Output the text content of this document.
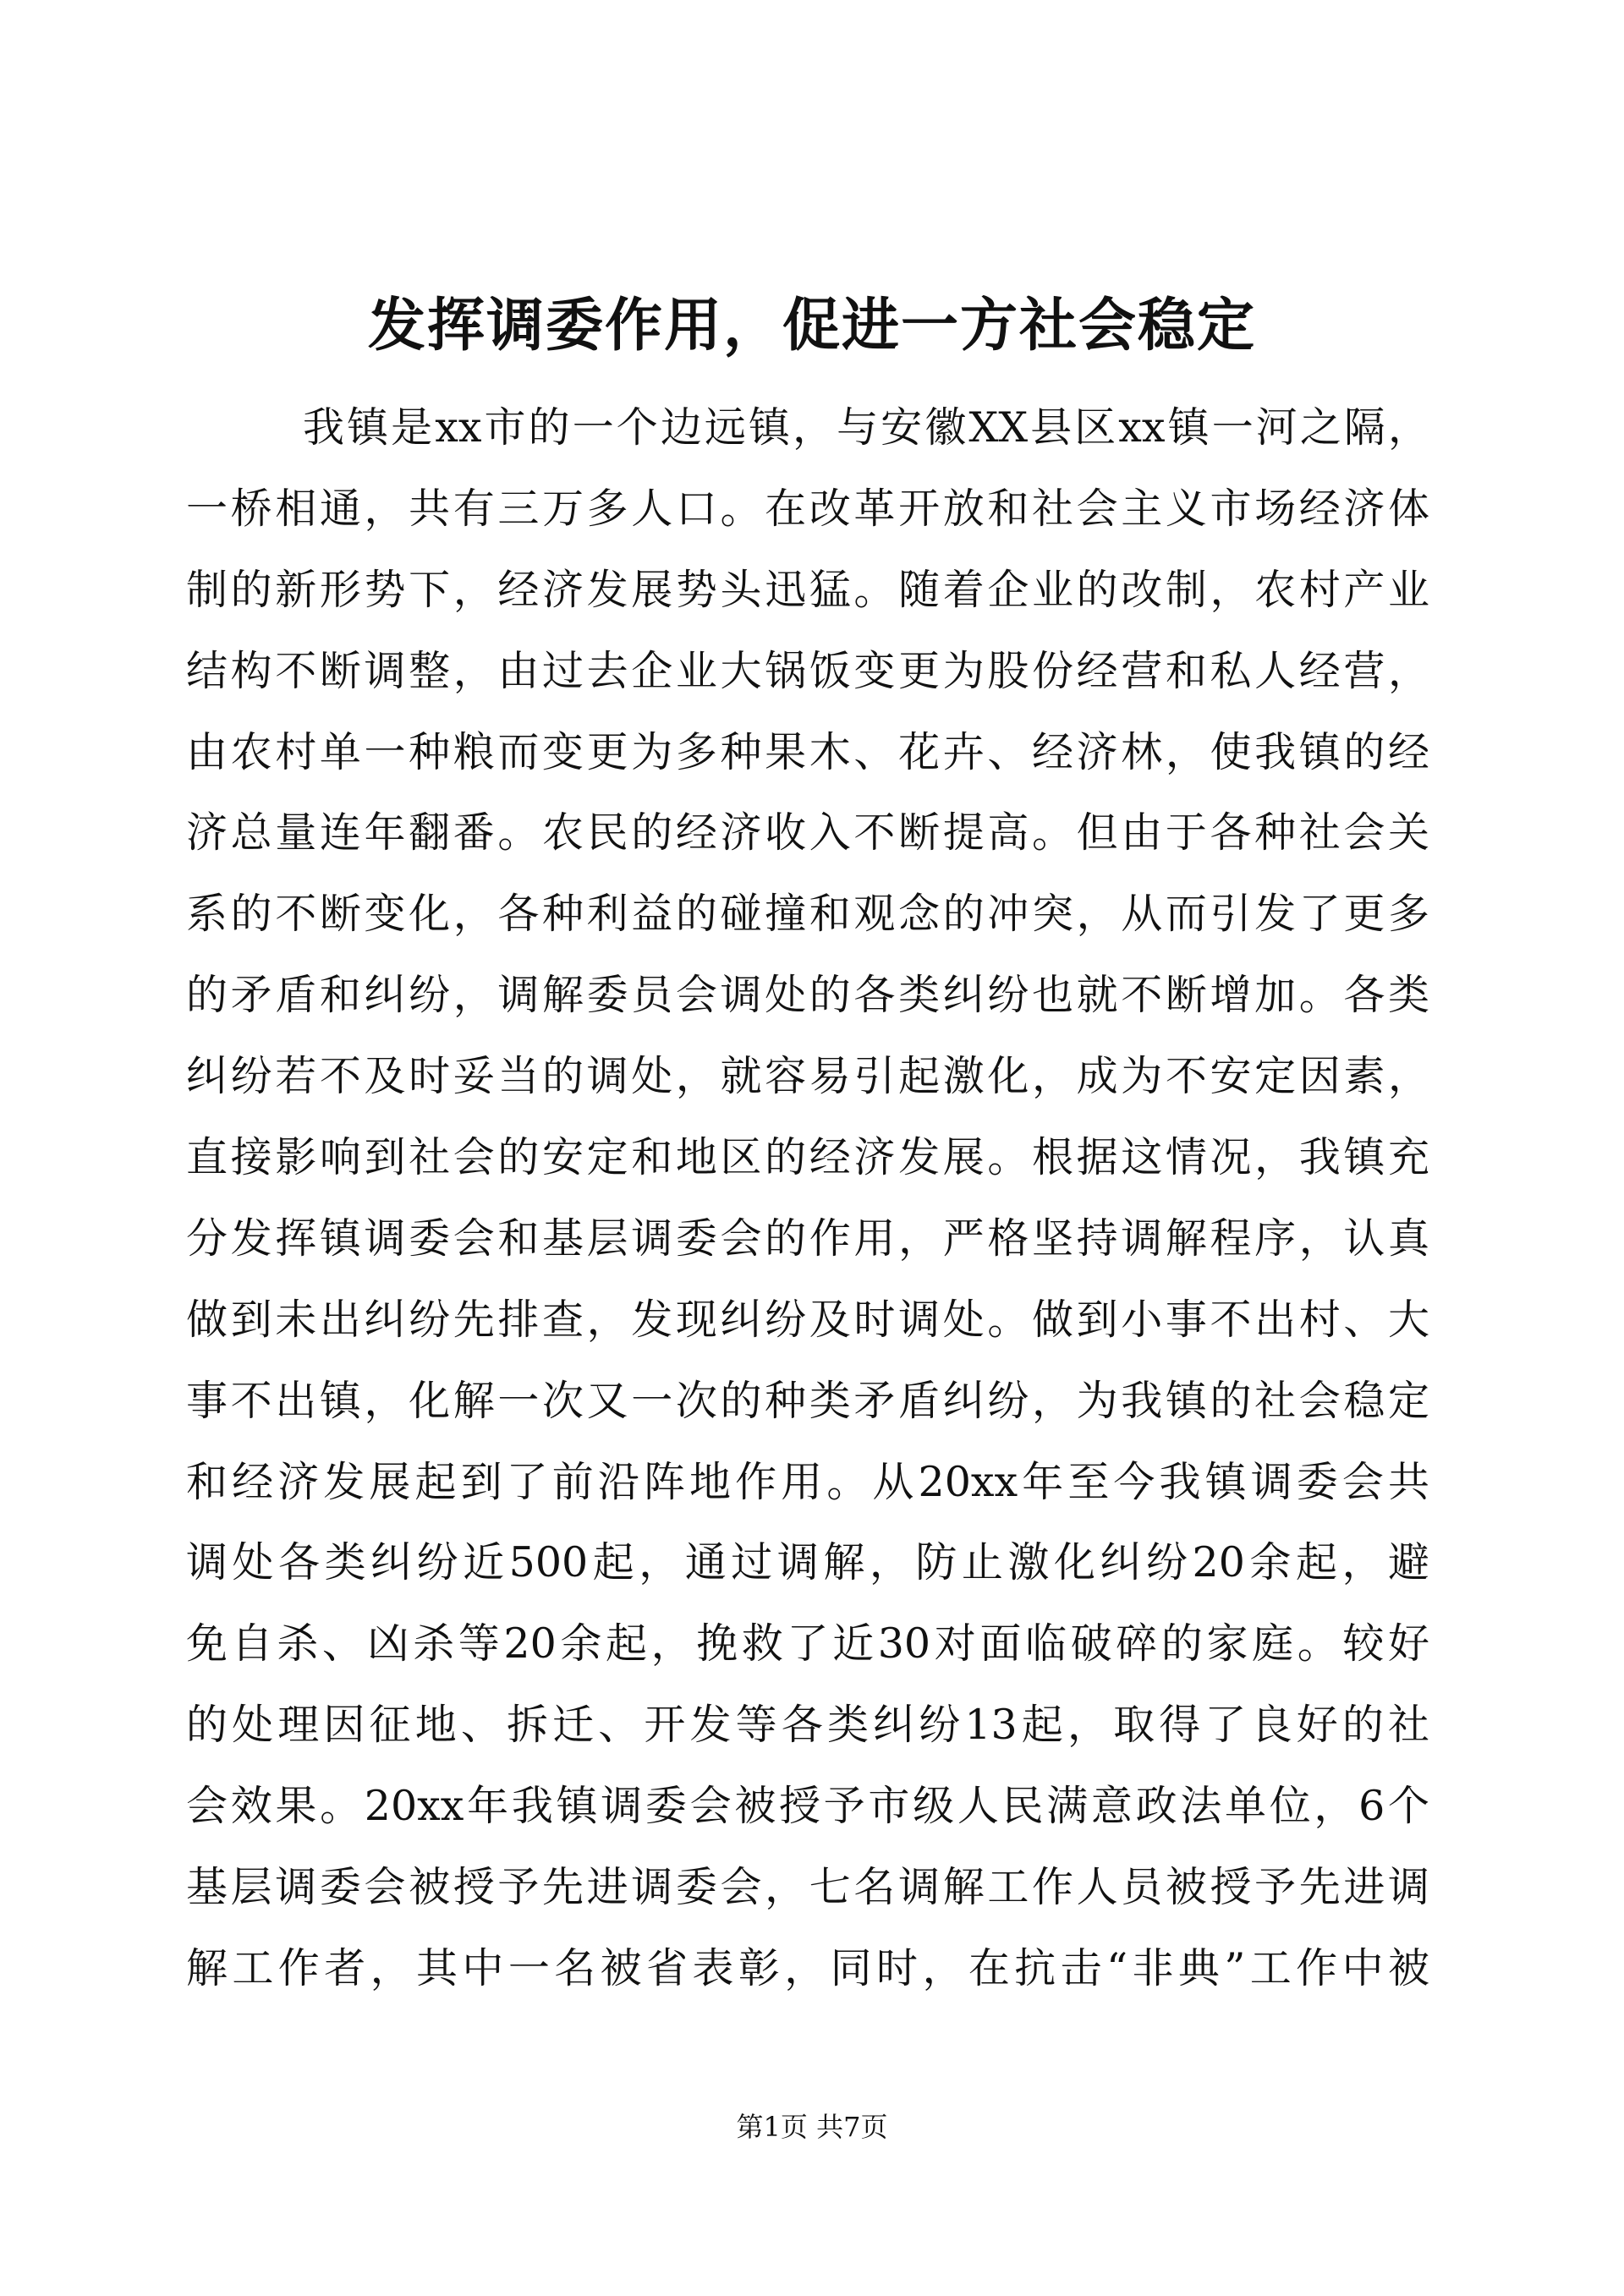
发挥调委作用，促进一方社会稳定
我镇是xx市的一个边远镇，与安徽XX县区xx镇一河之隔，
一桥相通，共有三万多人口。在改革开放和社会主义市场经济体
制的新形势下，经济发展势头迅猛。随着企业的改制，农村产业
结构不断调整，由过去企业大锅饭变更为股份经营和私人经营，
由农村单一种粮而变更为多种果木、花卉、经济林，使我镇的经
济总量连年翻番。农民的经济收入不断提高。但由于各种社会关
系的不断变化，各种利益的碰撞和观念的冲突，从而引发了更多
的矛盾和纠纷，调解委员会调处的各类纠纷也就不断增加。各类
纠纷若不及时妥当的调处，就容易引起激化，成为不安定因素，
直接影响到社会的安定和地区的经济发展。根据这情况，我镇充
分发挥镇调委会和基层调委会的作用，严格坚持调解程序，认真
做到未出纠纷先排查，发现纠纷及时调处。做到小事不出村、大
事不出镇，化解一次又一次的种类矛盾纠纷，为我镇的社会稳定
和经济发展起到了前沿阵地作用。从20xx年至今我镇调委会共
调处各类纠纷近500起，通过调解，防止激化纠纷20余起，避
免自杀、凶杀等20余起，挽救了近30对面临破碎的家庭。较好
的处理因征地、拆迁、开发等各类纠纷13起，取得了良好的社
会效果。20xx年我镇调委会被授予市级人民满意政法单位，6个
基层调委会被授予先进调委会，七名调解工作人员被授予先进调
解工作者，其中一名被省表彰，同时，在抗击“非典”工作中被
第1页 共7页
